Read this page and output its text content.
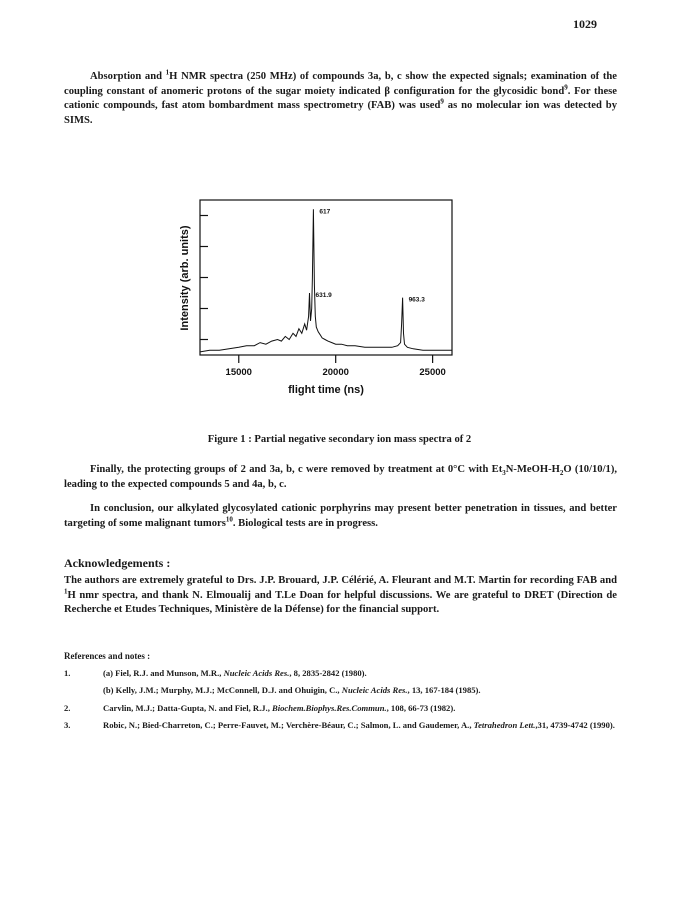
1029

Absorption and $^1$H NMR spectra (250 MHz) of compounds 3a, b, c show the expected signals; examination of the coupling constant of anomeric protons of the sugar moiety indicated β configuration for the glycosidic bond$^9$. For these cationic compounds, fast atom bombardment mass spectrometry (FAB) was used$^9$ as no molecular ion was detected by SIMS.

15000	20000	25000
617
631.9
963.3
flight time (ns)
Intensity (arb. units)
Figure 1 : Partial negative secondary ion mass spectra of 2

Finally, the protecting groups of 2 and 3a, b, c were removed by treatment at 0°C with $Et_3N-MeOH-H_2O$ (10/10/1), leading to the expected compounds 5 and 4a, b, c.

In conclusion, our alkylated glycosylated cationic porphyrins may present better penetration in tissues, and better targeting of some malignant tumors$^{10}$. Biological tests are in progress.

Acknowledgements :

The authors are extremely grateful to Drs. J.P. Brouard, J.P. Célérié, A. Fleurant and M.T. Martin for recording FAB and $^1$H nmr spectra, and thank N. Elmoualij and T.Le Doan for helpful discussions. We are grateful to DRET (Direction de Recherche et Etudes Techniques, Ministère de la Défense) for the financial support.

References and notes :
1.	(a) Fiel, R.J. and Munson, M.R., Nucleic Acids Res., 8, 2835-2842 (1980).
(b) Kelly, J.M.; Murphy, M.J.; McConnell, D.J. and Ohuigin, C., Nucleic Acids Res., 13, 167-184 (1985).
2.	Carvlin, M.J.; Datta-Gupta, N. and Fiel, R.J., Biochem.Biophys.Res.Commun., 108, 66-73 (1982).
3.	Robic, N.; Bied-Charreton, C.; Perre-Fauvet, M.; Verchère-Béaur, C.; Salmon, L. and Gaudemer, A., Tetrahedron Lett.,31, 4739-4742 (1990).
